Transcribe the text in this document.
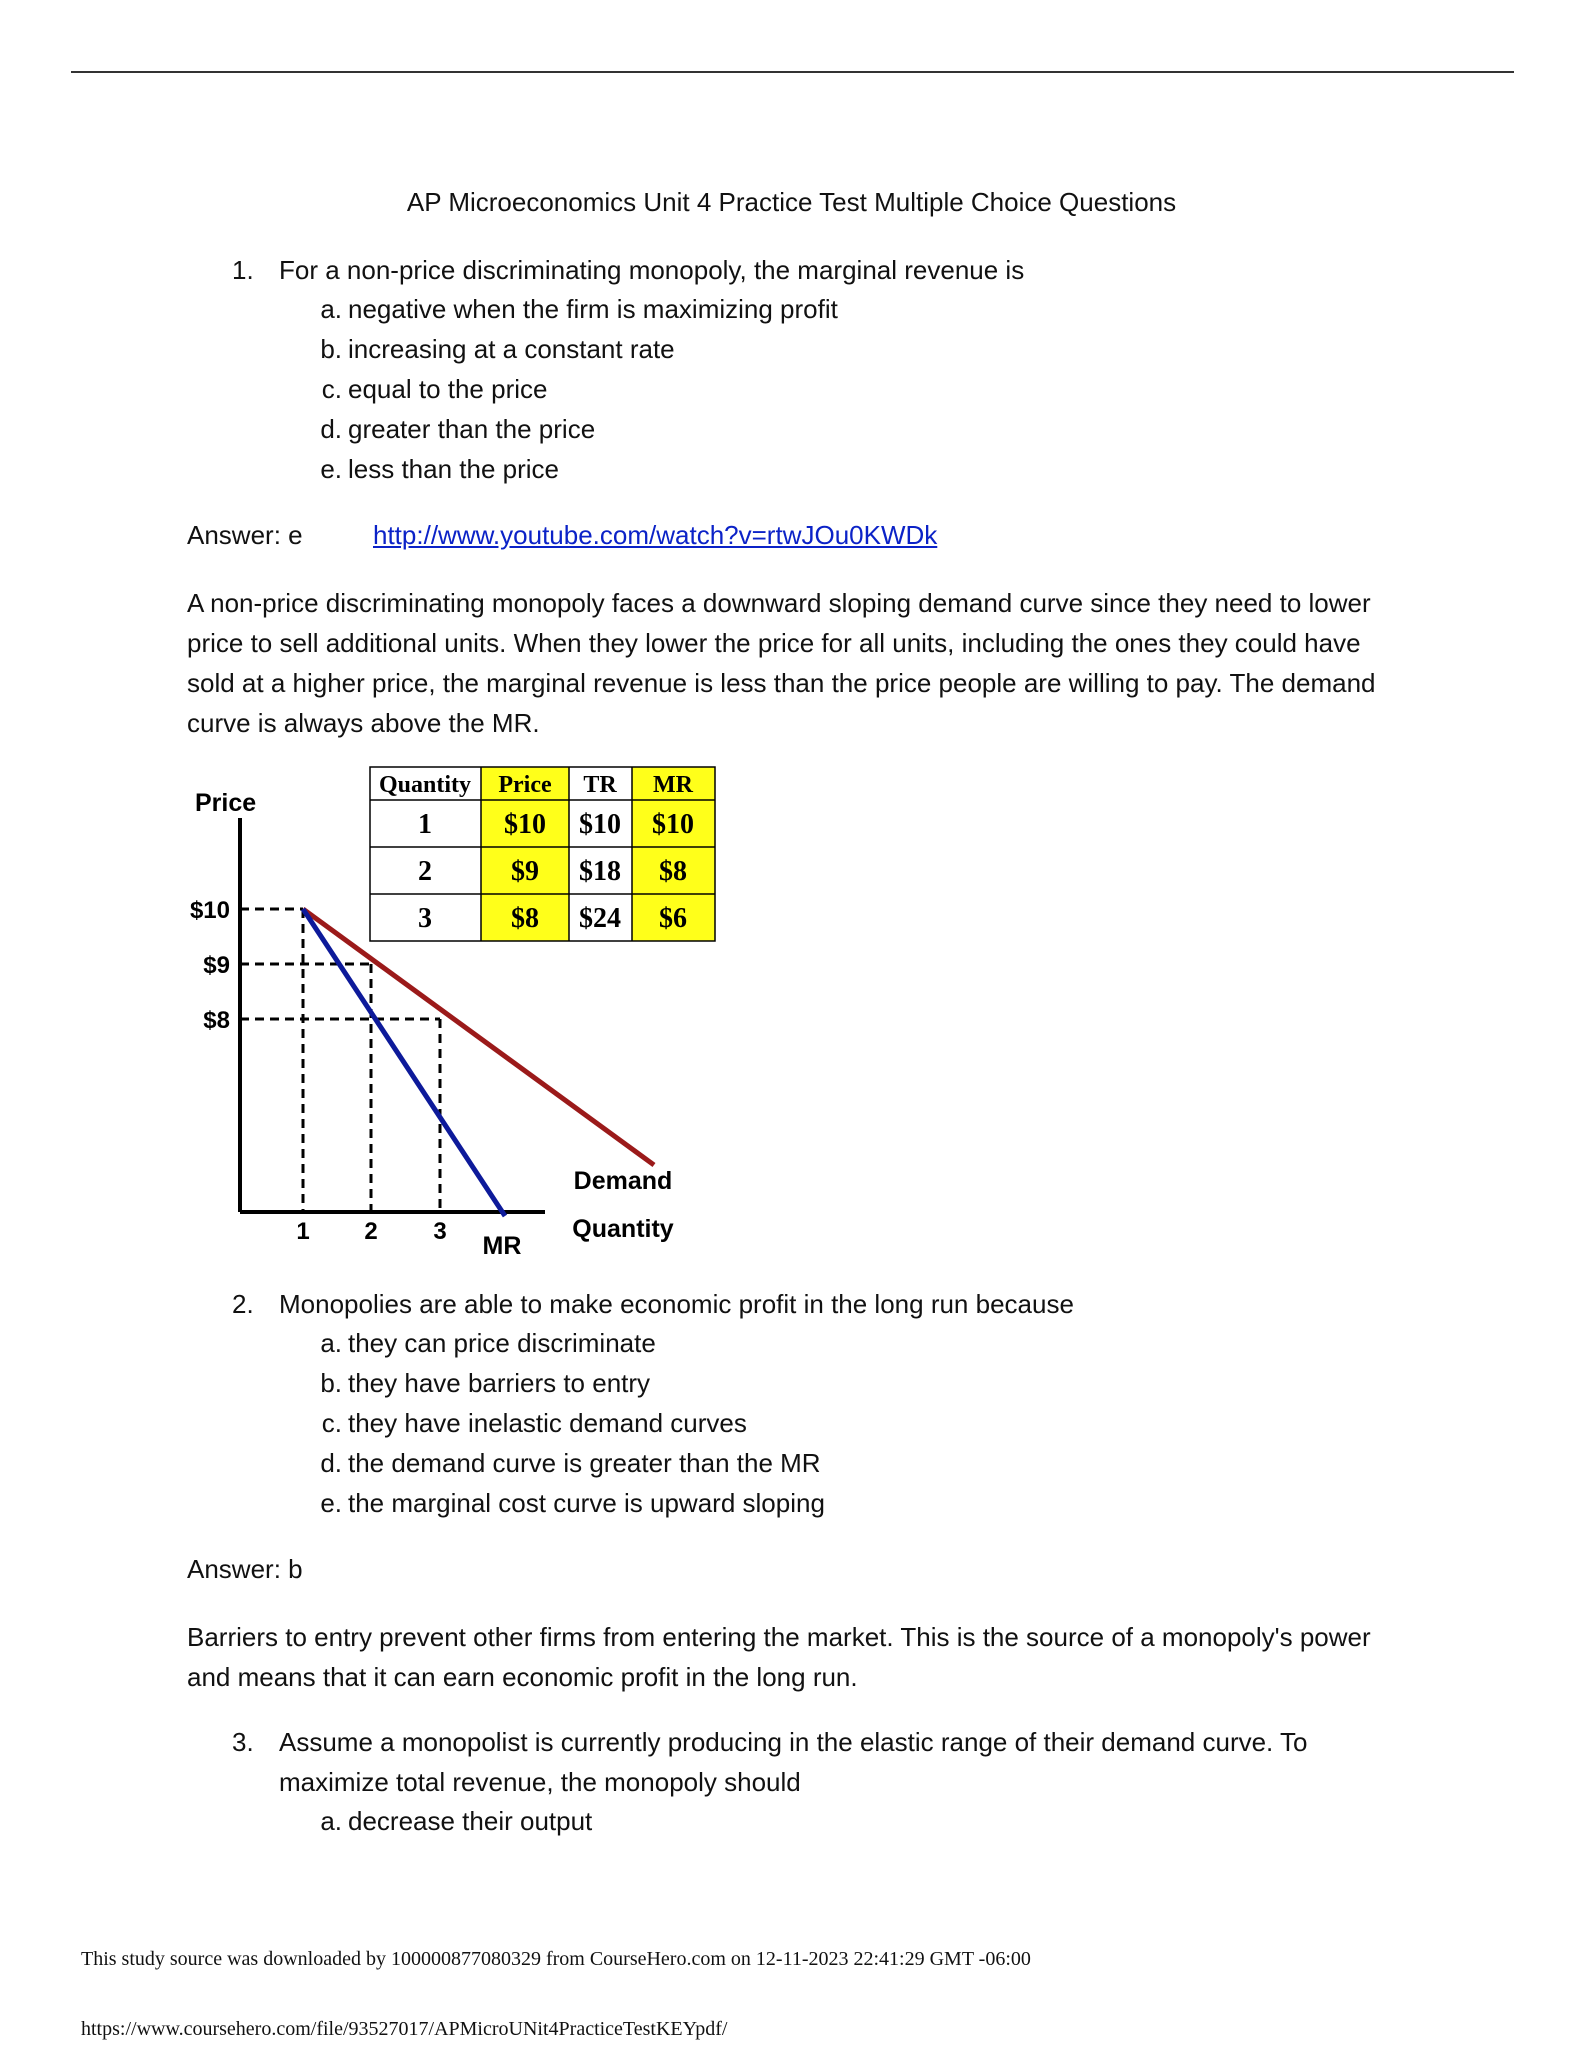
AP Microeconomics Unit 4 Practice Test Multiple Choice Questions
1. For a non-price discriminating monopoly, the marginal revenue is
a. negative when the firm is maximizing profit
b. increasing at a constant rate
c. equal to the price
d. greater than the price
e. less than the price
Answer: e	http://www.youtube.com/watch?v=rtwJOu0KWDk
A non-price discriminating monopoly faces a downward sloping demand curve since they need to lower price to sell additional units. When they lower the price for all units, including the ones they could have sold at a higher price, the marginal revenue is less than the price people are willing to pay. The demand curve is always above the MR.
Price
$10
$9
$8
1 2 3
MR
Demand
Quantity
Quantity Price TR MR
1	$10 $10 $10
2	$9 $18 $8
3	$8 $24 $6
2. Monopolies are able to make economic profit in the long run because
a. they can price discriminate
b. they have barriers to entry
c. they have inelastic demand curves
d. the demand curve is greater than the MR
e. the marginal cost curve is upward sloping
Answer: b
Barriers to entry prevent other firms from entering the market. This is the source of a monopoly's power and means that it can earn economic profit in the long run.
3. Assume a monopolist is currently producing in the elastic range of their demand curve. To
maximize total revenue, the monopoly should
a. decrease their output
This study source was downloaded by 100000877080329 from CourseHero.com on 12-11-2023 22:41:29 GMT -06:00
https://www.coursehero.com/file/93527017/APMicroUNit4PracticeTestKEYpdf/
